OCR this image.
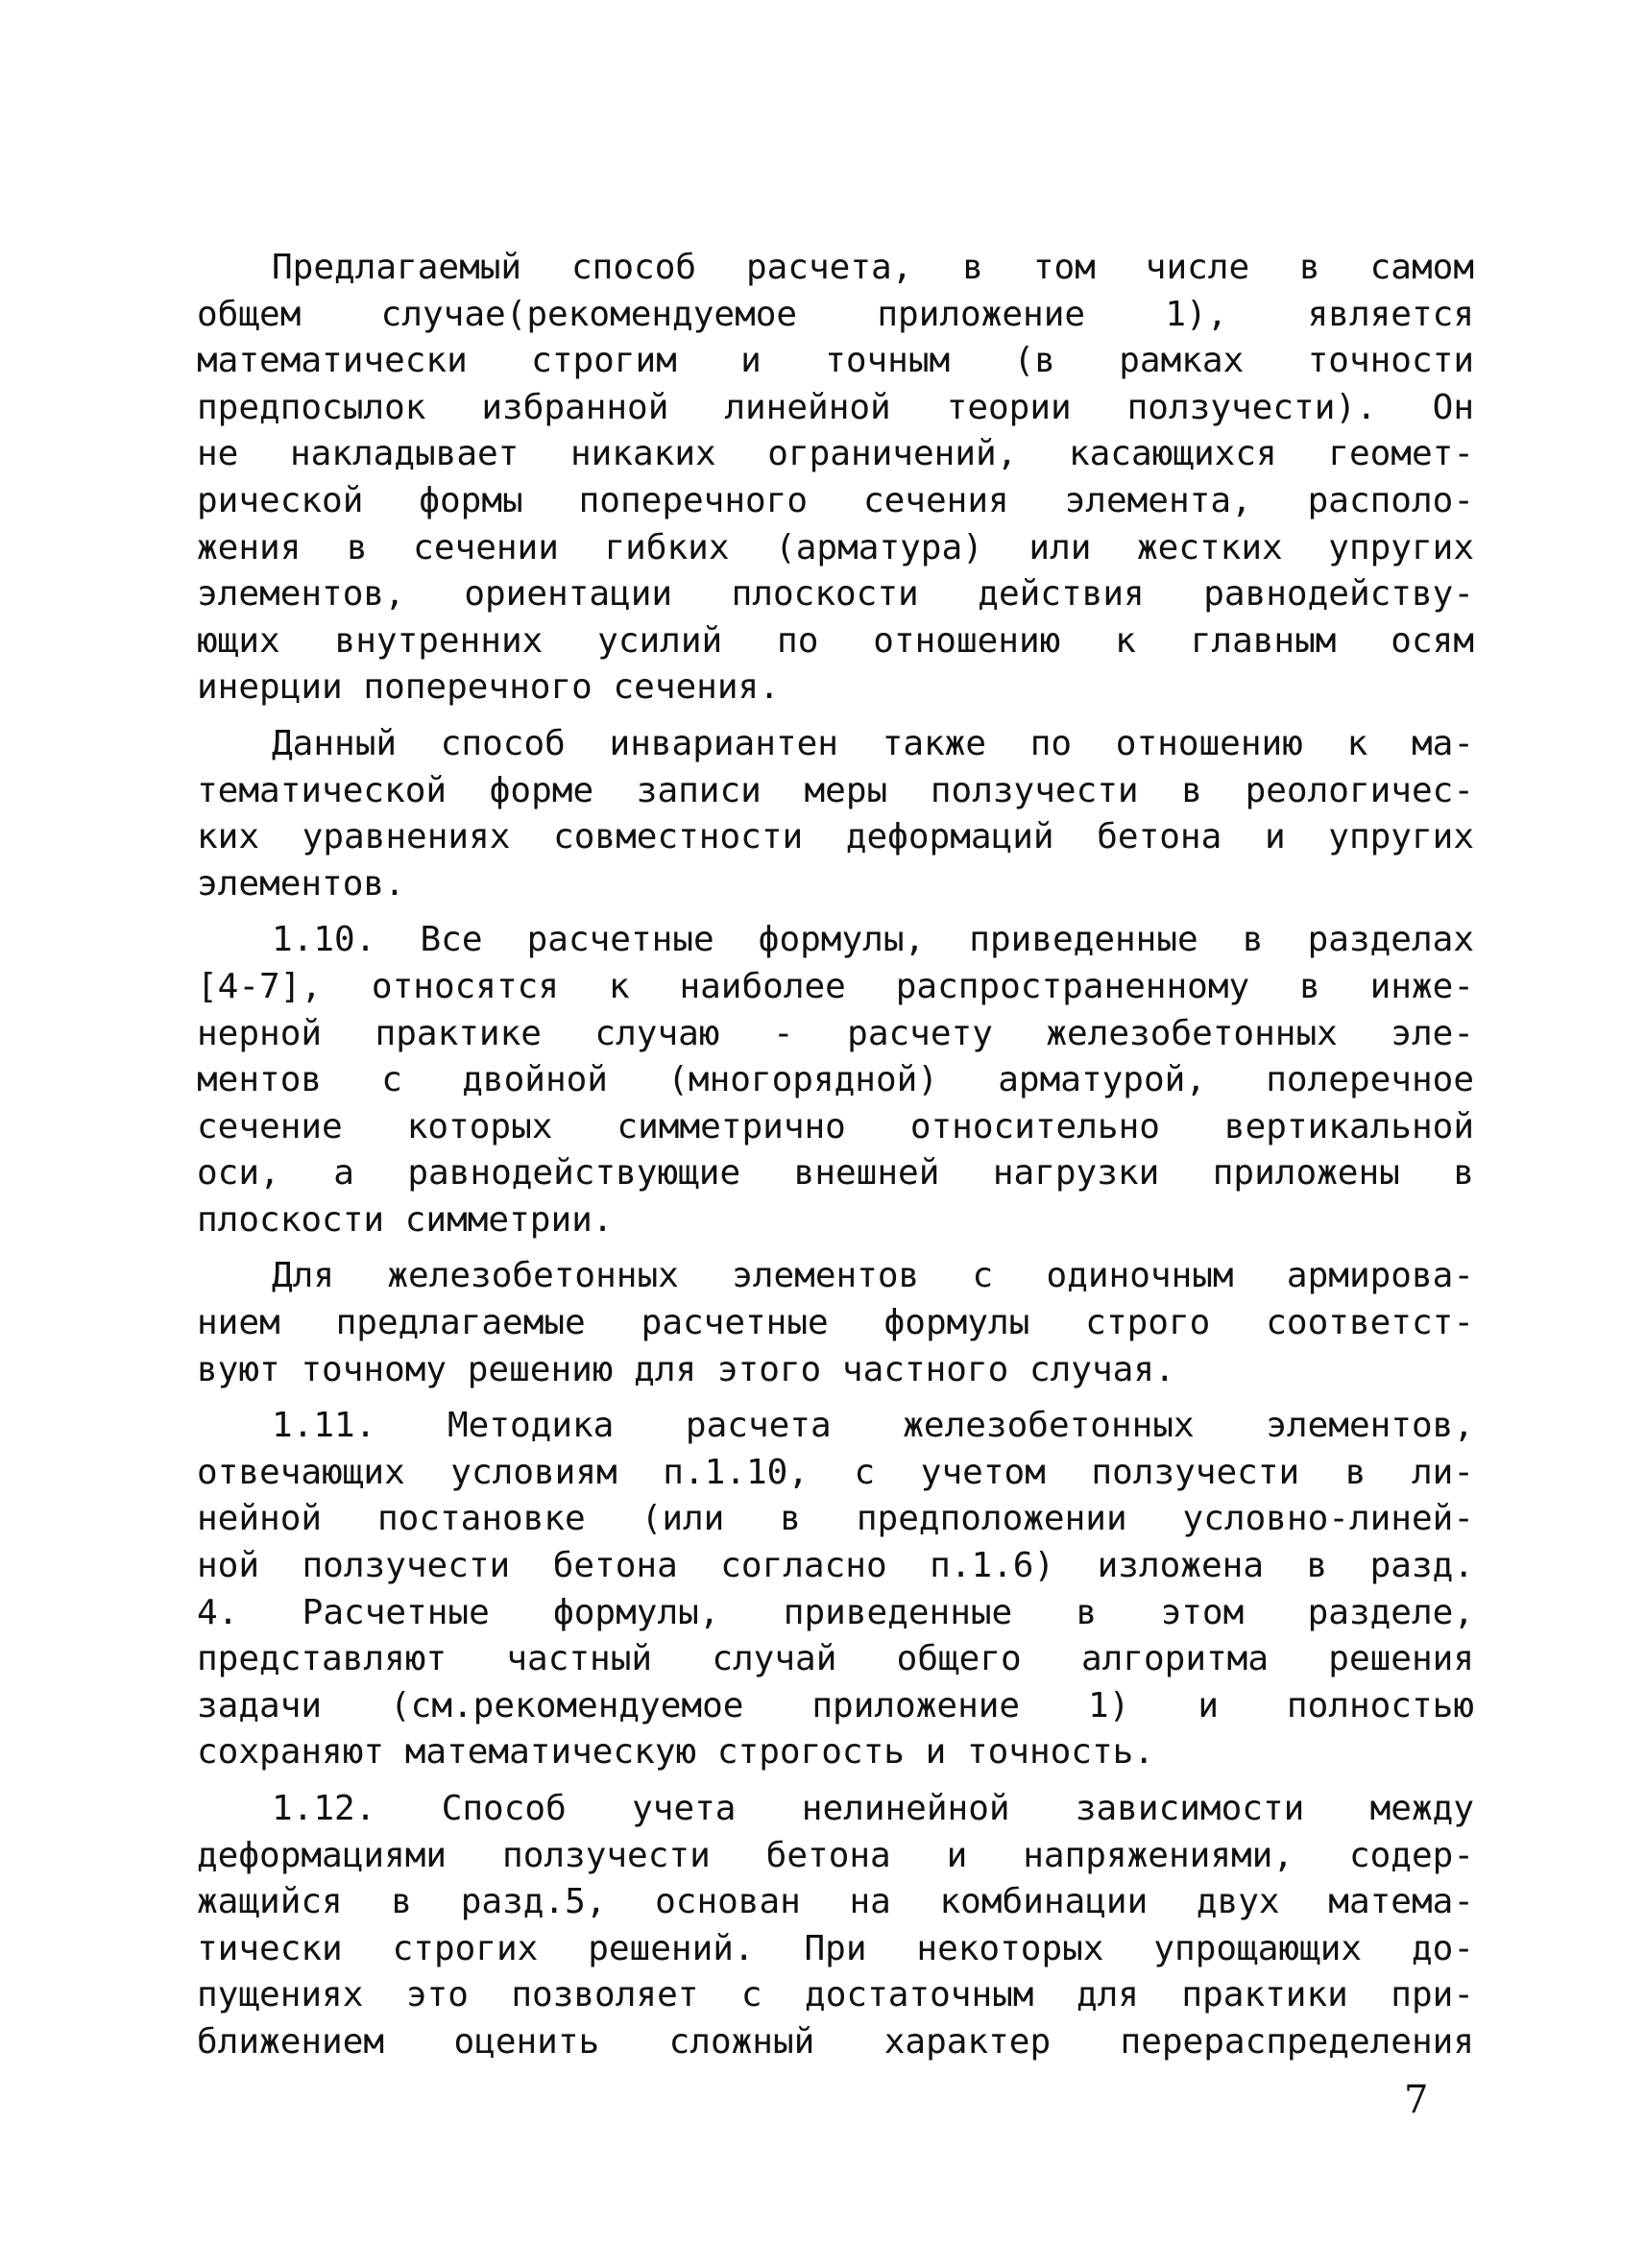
Предлагаемый способ расчета, в том числе в самом
общем случае(рекомендуемое приложение 1), является
математически строгим и точным (в рамках точности
предпосылок избранной линейной теории ползучести). Он
не накладывает никаких ограничений, касающихся геомет-
рической формы поперечного сечения элемента, располо-
жения в сечении гибких (арматура) или жестких упругих
элементов, ориентации плоскости действия равнодейству-
ющих внутренних усилий по отношению к главным осям
инерции поперечного сечения.
Данный способ инвариантен также по отношению к ма-
тематической форме записи меры ползучести в реологичес-
ких уравнениях совместности деформаций бетона и упругих
элементов.
1.10. Все расчетные формулы, приведенные в разделах
[4-7], относятся к наиболее распространенному в инже-
нерной практике случаю - расчету железобетонных эле-
ментов с двойной (многорядной) арматурой, полеречное
сечение которых симметрично относительно вертикальной
оси, а равнодействующие внешней нагрузки приложены в
плоскости симметрии.
Для железобетонных элементов с одиночным армирова-
нием предлагаемые расчетные формулы строго соответст-
вуют точному решению для этого частного случая.
1.11. Методика расчета железобетонных элементов,
отвечающих условиям п.1.10, с учетом ползучести в ли-
нейной постановке (или в предположении условно-линей-
ной ползучести бетона согласно п.1.6) изложена в разд.
4. Расчетные формулы, приведенные в этом разделе,
представляют частный случай общего алгоритма решения
задачи (см.рекомендуемое приложение 1) и полностью
сохраняют математическую строгость и точность.
1.12. Способ учета нелинейной зависимости между
деформациями ползучести бетона и напряжениями, содер-
жащийся в разд.5, основан на комбинации двух матема-
тически строгих решений. При некоторых упрощающих до-
пущениях это позволяет с достаточным для практики при-
ближением оценить сложный характер перераспределения
7
